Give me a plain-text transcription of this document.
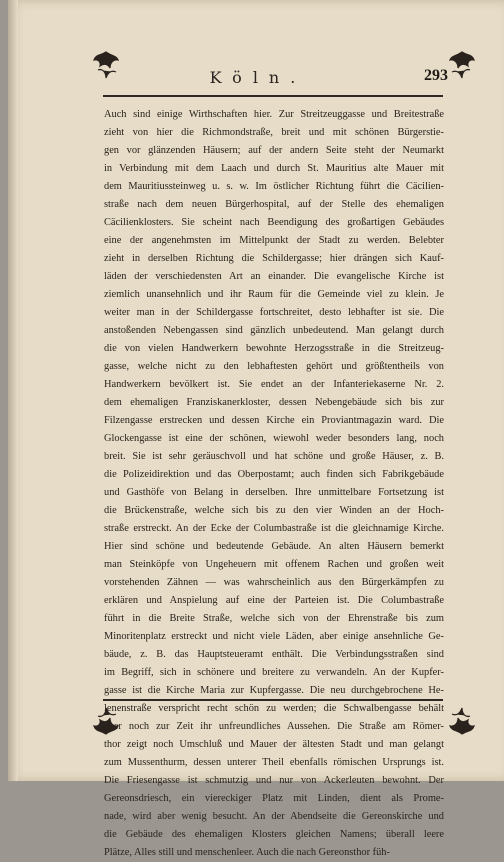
Köln.	293
Auch sind einige Wirthschaften hier. Zur Streitzeuggasse und Breitestraße
zieht von hier die Richmondstraße, breit und mit schönen Bürgerstie-
gen vor glänzenden Häusern; auf der andern Seite steht der Neumarkt
in Verbindung mit dem Laach und durch St. Mauritius alte Mauer mit
dem Mauritiussteinweg u. s. w. Im östlicher Richtung führt die Cäcilien-
straße nach dem neuen Bürgerhospital, auf der Stelle des ehemaligen
Cäcilienklosters. Sie scheint nach Beendigung des großartigen Gebäudes
eine der angenehmsten im Mittelpunkt der Stadt zu werden. Belebter
zieht in derselben Richtung die Schildergasse; hier drängen sich Kauf-
läden der verschiedensten Art an einander. Die evangelische Kirche ist
ziemlich unansehnlich und ihr Raum für die Gemeinde viel zu klein. Je
weiter man in der Schildergasse fortschreitet, desto lebhafter ist sie. Die
anstoßenden Nebengassen sind gänzlich unbedeutend. Man gelangt durch
die von vielen Handwerkern bewohnte Herzogsstraße in die Streitzeug-
gasse, welche nicht zu den lebhaftesten gehört und größtentheils von
Handwerkern bevölkert ist. Sie endet an der Infanteriekaserne Nr. 2.
dem ehemaligen Franziskanerkloster, dessen Nebengebäude sich bis zur
Filzengasse erstrecken und dessen Kirche ein Proviantmagazin ward. Die
Glockengasse ist eine der schönen, wiewohl weder besonders lang, noch
breit. Sie ist sehr geräuschvoll und hat schöne und große Häuser, z. B.
die Polizeidirektion und das Oberpostamt; auch finden sich Fabrikgebäude
und Gasthöfe von Belang in derselben. Ihre unmittelbare Fortsetzung ist
die Brückenstraße, welche sich bis zu den vier Winden an der Hoch-
straße erstreckt. An der Ecke der Columbastraße ist die gleichnamige Kirche.
Hier sind schöne und bedeutende Gebäude. An alten Häusern bemerkt
man Steinköpfe von Ungeheuern mit offenem Rachen und großen weit
vorstehenden Zähnen — was wahrscheinlich aus den Bürgerkämpfen zu
erklären und Anspielung auf eine der Parteien ist. Die Columbastraße
führt in die Breite Straße, welche sich von der Ehrenstraße bis zum
Minoritenplatz erstreckt und nicht viele Läden, aber einige ansehnliche Ge-
bäude, z. B. das Hauptsteueramt enthält. Die Verbindungsstraßen sind
im Begriff, sich in schönere und breitere zu verwandeln. An der Kupfer-
gasse ist die Kirche Maria zur Kupfergasse. Die neu durchgebrochene He-
lenenstraße verspricht recht schön zu werden; die Schwalbengasse behält
aber noch zur Zeit ihr unfreundliches Aussehen. Die Straße am Römer-
thor zeigt noch Umschluß und Mauer der ältesten Stadt und man gelangt
zum Mussenthurm, dessen unterer Theil ebenfalls römischen Ursprungs ist.
Die Friesengasse ist schmutzig und nur von Ackerleuten bewohnt. Der
Gereonsdriesch, ein viereckiger Platz mit Linden, dient als Prome-
nade, wird aber wenig besucht. An der Abendseite die Gereonskirche und
die Gebäude des ehemaligen Klosters gleichen Namens; überall leere
Plätze, Alles still und menschenleer. Auch die nach Gereonsthor füh-
